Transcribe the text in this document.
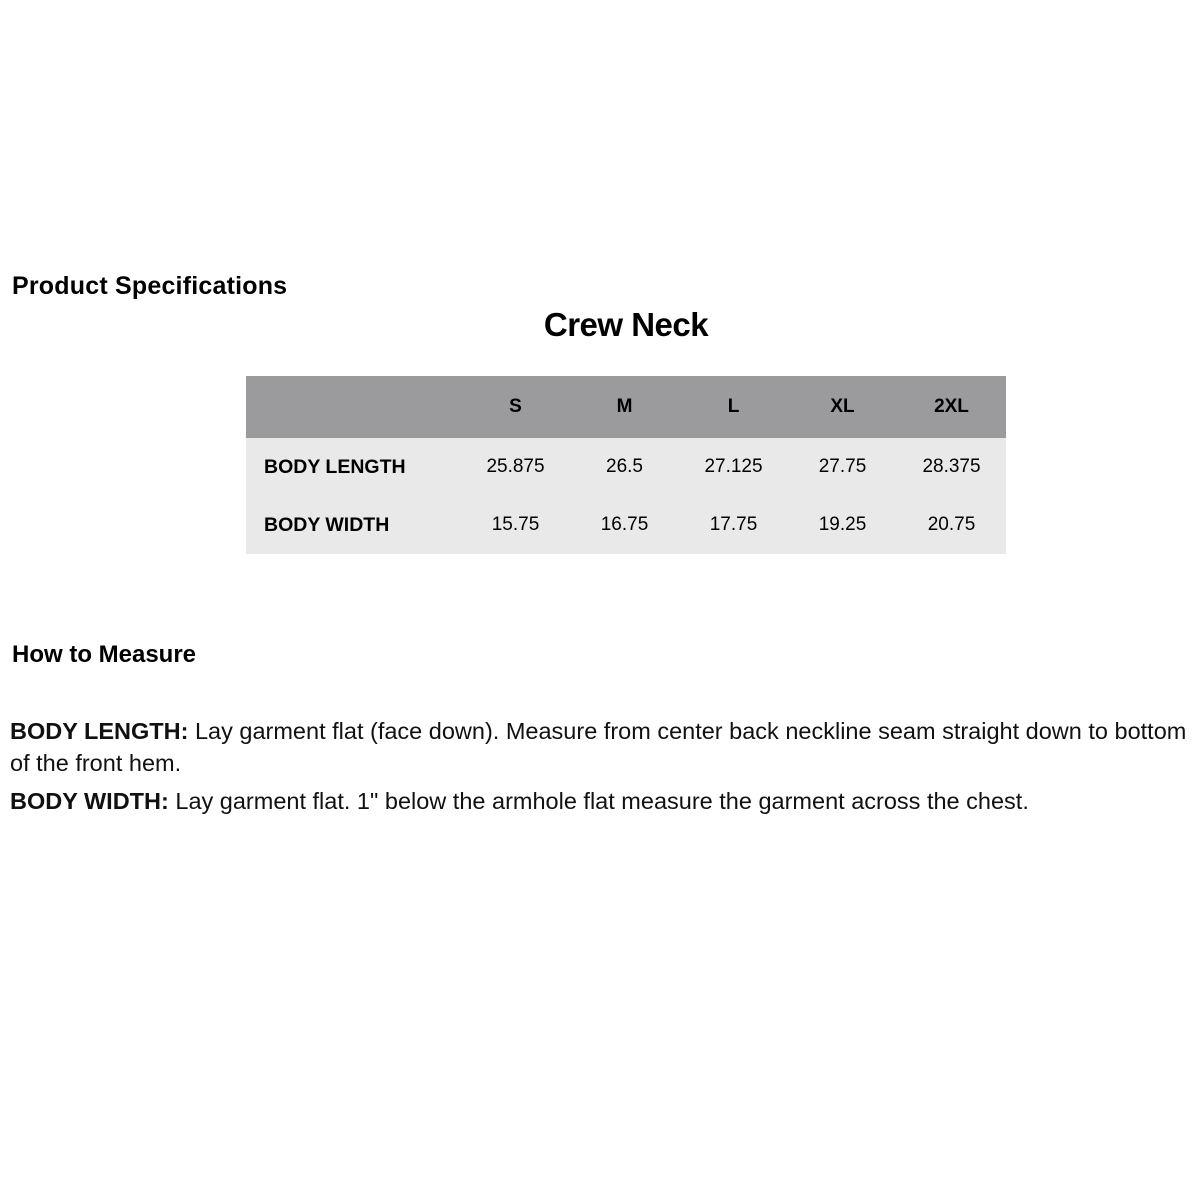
Product Specifications
Crew Neck
	S	M	L	XL	2XL
BODY LENGTH	25.875	26.5	27.125	27.75	28.375
BODY WIDTH	15.75	16.75	17.75	19.25	20.75
How to Measure

BODY LENGTH: Lay garment flat (face down). Measure from center back neckline seam straight down to bottom of the front hem.

BODY WIDTH: Lay garment flat. 1" below the armhole flat measure the garment across the chest.
